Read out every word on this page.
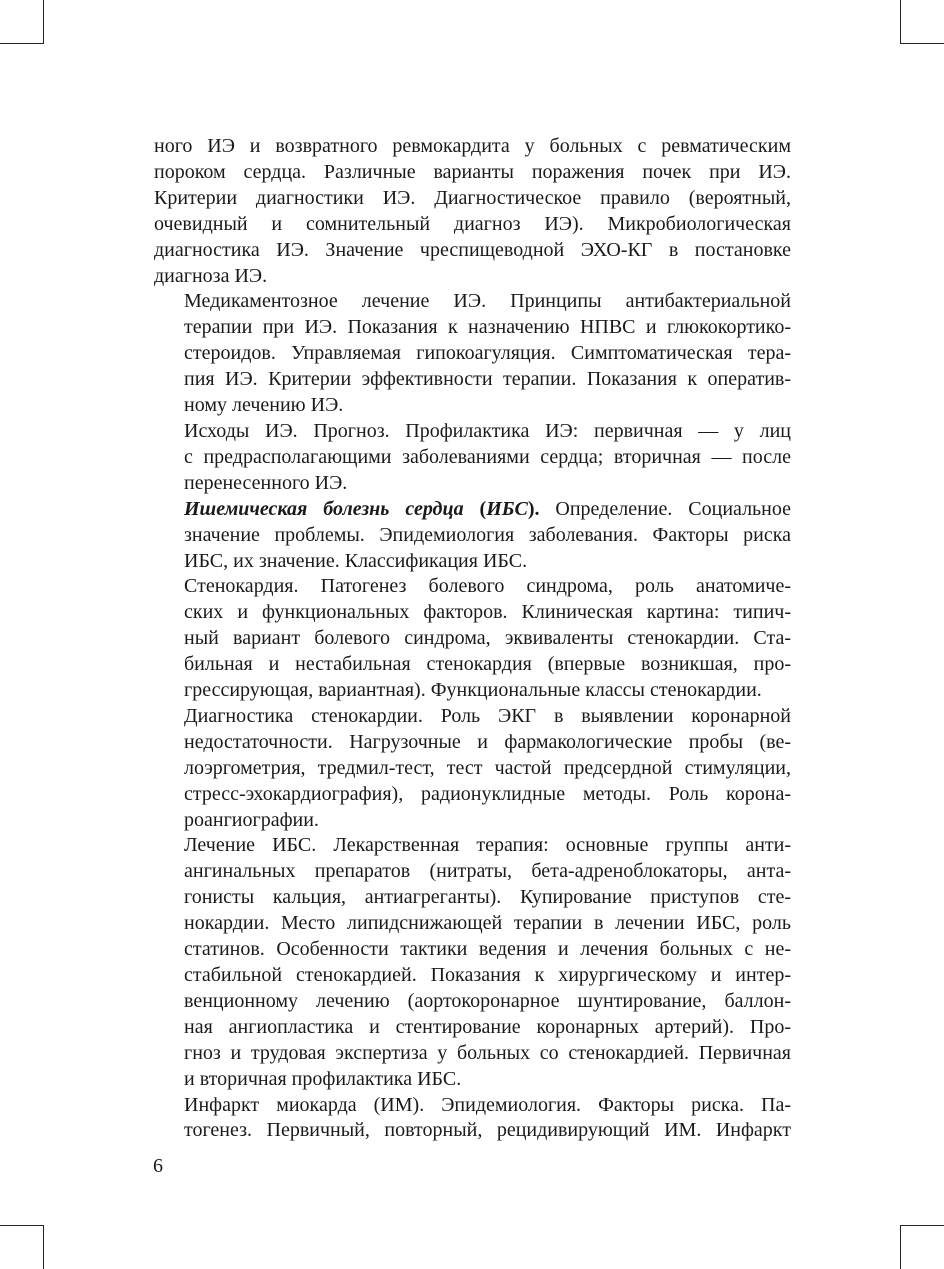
ного ИЭ и возвратного ревмокардита у больных с ревматическим
пороком сердца. Различные варианты поражения почек при ИЭ.
Критерии диагностики ИЭ. Диагностическое правило (вероятный,
очевидный и сомнительный диагноз ИЭ). Микробиологическая
диагностика ИЭ. Значение чреспищеводной ЭХО-КГ в постановке
диагноза ИЭ.

Медикаментозное лечение ИЭ. Принципы антибактериальной
терапии при ИЭ. Показания к назначению НПВС и глюкокортико-
стероидов. Управляемая гипокоагуляция. Симптоматическая тера-
пия ИЭ. Критерии эффективности терапии. Показания к оператив-
ному лечению ИЭ.

Исходы ИЭ. Прогноз. Профилактика ИЭ: первичная — у лиц
с предрасполагающими заболеваниями сердца; вторичная — после
перенесенного ИЭ.

Ишемическая болезнь сердца (ИБС). Определение. Социальное
значение проблемы. Эпидемиология заболевания. Факторы риска
ИБС, их значение. Классификация ИБС.

Стенокардия. Патогенез болевого синдрома, роль анатомиче-
ских и функциональных факторов. Клиническая картина: типич-
ный вариант болевого синдрома, эквиваленты стенокардии. Ста-
бильная и нестабильная стенокардия (впервые возникшая, про-
грессирующая, вариантная). Функциональные классы стенокардии.

Диагностика стенокардии. Роль ЭКГ в выявлении коронарной
недостаточности. Нагрузочные и фармакологические пробы (ве-
лоэргометрия, тредмил-тест, тест частой предсердной стимуляции,
стресс-эхокардиография), радионуклидные методы. Роль корона-
роангиографии.

Лечение ИБС. Лекарственная терапия: основные группы анти-
ангинальных препаратов (нитраты, бета-адреноблокаторы, анта-
гонисты кальция, антиагреганты). Купирование приступов сте-
нокардии. Место липидснижающей терапии в лечении ИБС, роль
статинов. Особенности тактики ведения и лечения больных с не-
стабильной стенокардией. Показания к хирургическому и интер-
венционному лечению (аортокоронарное шунтирование, баллон-
ная ангиопластика и стентирование коронарных артерий). Про-
гноз и трудовая экспертиза у больных со стенокардией. Первичная
и вторичная профилактика ИБС.

Инфаркт миокарда (ИМ). Эпидемиология. Факторы риска. Па-
тогенез. Первичный, повторный, рецидивирующий ИМ. Инфаркт

6
